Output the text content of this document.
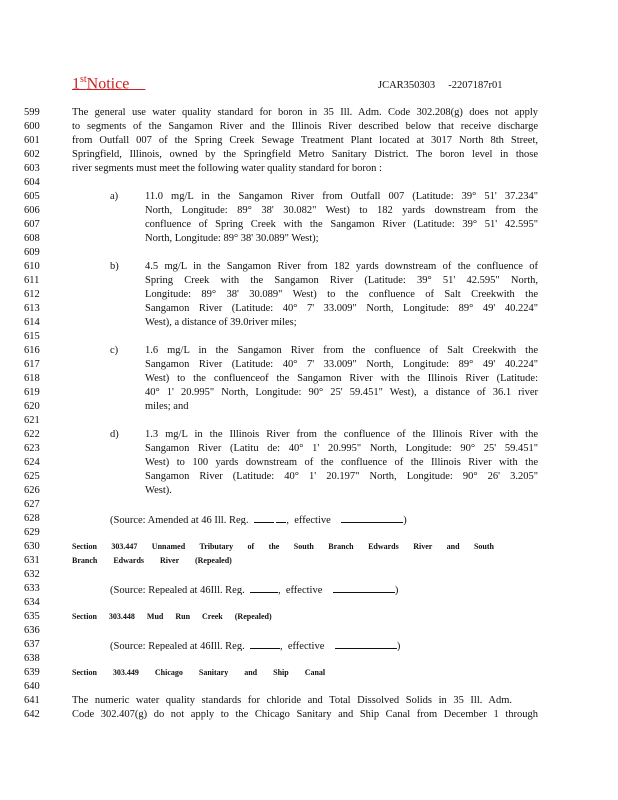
1stNotice	JCAR350303     -2207187r01
599
600
601
602
603
604
605
606
607
608
609
610
611
612
613
614
615
616
617
618
619
620
621
622
623
624
625
626
627
628
629
630
631
632
633
634
635
636
637
638
639
640
641
642
The general use water quality standard for boron in 35 Ill. Adm. Code 302.208(g) does not apply
to segments of the Sangamon River and the Illinois River described below that receive discharge
from Outfall 007 of the Spring Creek Sewage Treatment Plant located at 3017 North 8th Street,
Springfield, Illinois, owned by the Springfield Metro Sanitary District. The boron level in those
river segments must meet the following water quality standard for boron :
a)	11.0 mg/L in the Sangamon River from Outfall 007 (Latitude: 39° 51' 37.234"
North, Longitude: 89° 38' 30.082" West) to 182 yards downstream from the
confluence of Spring Creek with the Sangamon River (Latitude: 39° 51' 42.595"
North, Longitude: 89° 38' 30.089" West);
b)	4.5 mg/L in the Sangamon River from 182 yards downstream of the confluence of
Spring Creek with the Sangamon River (Latitude: 39° 51' 42.595" North,
Longitude: 89° 38' 30.089" West) to the confluence of Salt Creekwith the
Sangamon River (Latitude: 40° 7' 33.009" North, Longitude: 89° 49' 40.224"
West), a distance of 39.0river miles;
c)	1.6 mg/L in the Sangamon River from the confluence of Salt Creekwith the
Sangamon River (Latitude: 40° 7' 33.009" North, Longitude: 89° 49' 40.224"
West) to the confluenceof the Sangamon River with the Illinois River (Latitude:
40° 1' 20.995" North, Longitude: 90° 25' 59.451" West), a distance of 36.1 river
miles; and
d)	1.3 mg/L in the Illinois River from the confluence of the Illinois River with the
Sangamon River (Latitu de: 40° 1' 20.995" North, Longitude: 90° 25' 59.451"
West) to 100 yards downstream of the confluence of the Illinois River with the
Sangamon River (Latitude: 40° 1' 20.197" North, Longitude: 90° 26' 3.205"
West).
(Source: Amended at 46 Ill. Reg.	,  effective	)
Section 303.447 Unnamed Tributary of the South Branch Edwards River and South
Branch Edwards River (Repealed)
(Source: Repealed at 46Ill. Reg.	,  effective	)
Section 303.448 Mud Run Creek (Repealed)
(Source: Repealed at 46Ill. Reg.	,  effective	)
Section 303.449 Chicago Sanitary and Ship Canal
The numeric water quality standards for chloride and Total Dissolved Solids in 35 Ill. Adm.
Code 302.407(g) do not apply to the Chicago Sanitary and Ship Canal from December 1 through
